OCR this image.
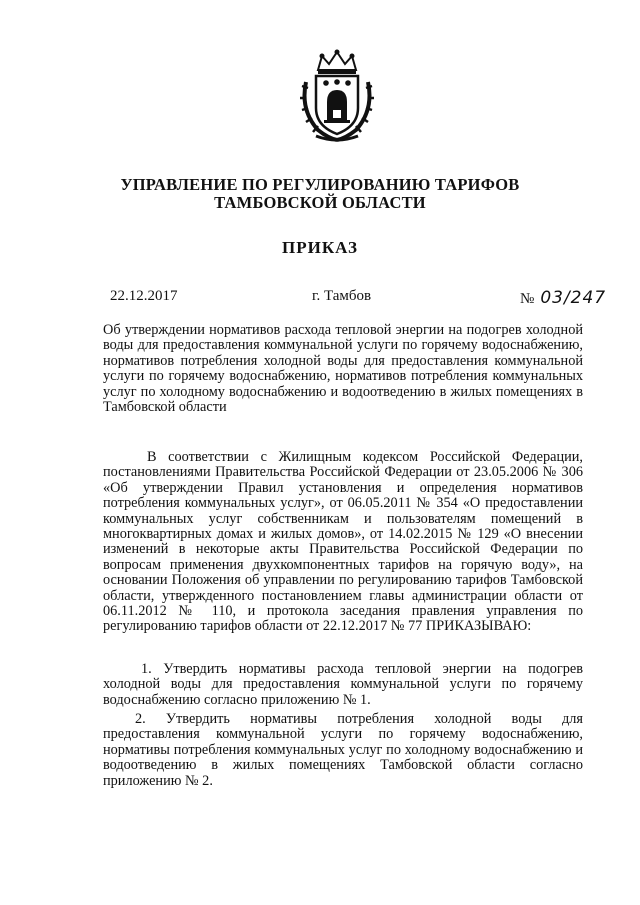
УПРАВЛЕНИЕ ПО РЕГУЛИРОВАНИЮ ТАРИФОВ
ТАМБОВСКОЙ ОБЛАСТИ
ПРИКАЗ
22.12.2017	г. Тамбов	№ 03/247
Об утверждении нормативов расхода тепловой энергии на подогрев холодной воды для предоставления коммунальной услуги по горячему водоснабжению, нормативов потребления холодной воды для предоставления коммунальной услуги по горячему водоснабжению, нормативов потребления коммунальных услуг по холодному водоснабжению и водоотведению в жилых помещениях в Тамбовской области
В соответствии с Жилищным кодексом Российской Федерации, постановлениями Правительства Российской Федерации от 23.05.2006 № 306 «Об утверждении Правил установления и определения нормативов потребления коммунальных услуг», от 06.05.2011 № 354 «О предоставлении коммунальных услуг собственникам и пользователям помещений в многоквартирных домах и жилых домов», от 14.02.2015 № 129 «О внесении изменений в некоторые акты Правительства Российской Федерации по вопросам применения двухкомпонентных тарифов на горячую воду», на основании Положения об управлении по регулированию тарифов Тамбовской области, утвержденного постановлением главы администрации области от 06.11.2012 № 110, и протокола заседания правления управления по регулированию тарифов области от 22.12.2017 № 77 ПРИКАЗЫВАЮ:
1. Утвердить нормативы расхода тепловой энергии на подогрев холодной воды для предоставления коммунальной услуги по горячему водоснабжению согласно приложению № 1.
2. Утвердить нормативы потребления холодной воды для предоставления коммунальной услуги по горячему водоснабжению, нормативы потребления коммунальных услуг по холодному водоснабжению и водоотведению в жилых помещениях Тамбовской области согласно приложению № 2.
